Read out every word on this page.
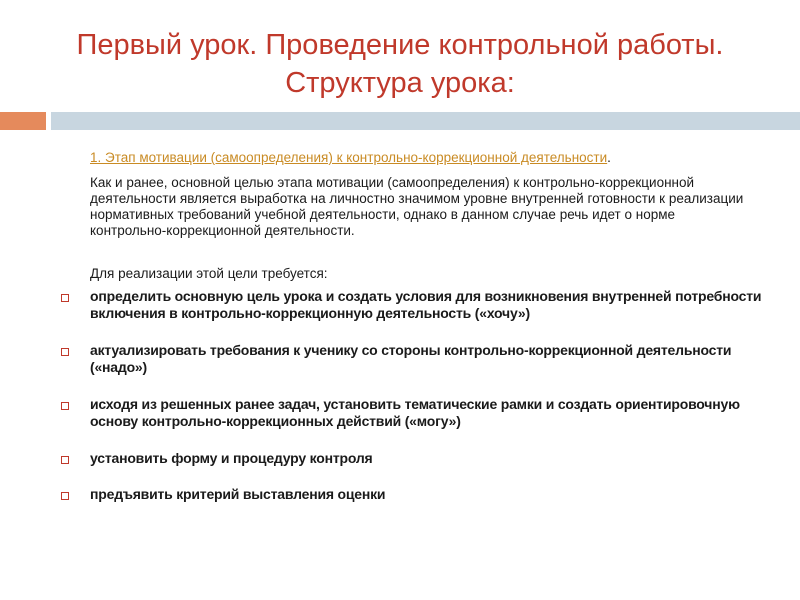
Первый урок. Проведение контрольной работы.
Структура урока:
1. Этап мотивации (самоопределения) к контрольно-коррекционной деятельности.

Как и ранее, основной целью этапа мотивации (самоопределения) к контрольно-коррекционной деятельности является выработка на личностно значимом уровне внутренней готовности к реализации нормативных требований учебной деятельности, однако в данном случае речь идет о норме контрольно-коррекционной деятельности.

Для реализации этой цели требуется:

определить основную цель урока и создать условия для возникновения внутренней потребности включения в контрольно-коррекционную деятельность («хочу»)
актуализировать требования к ученику со стороны контрольно-коррекционной деятельности («надо»)
исходя из решенных ранее задач, установить тематические рамки и создать ориентировочную основу контрольно-коррекционных действий («могу»)
установить форму и процедуру контроля
предъявить критерий выставления оценки
